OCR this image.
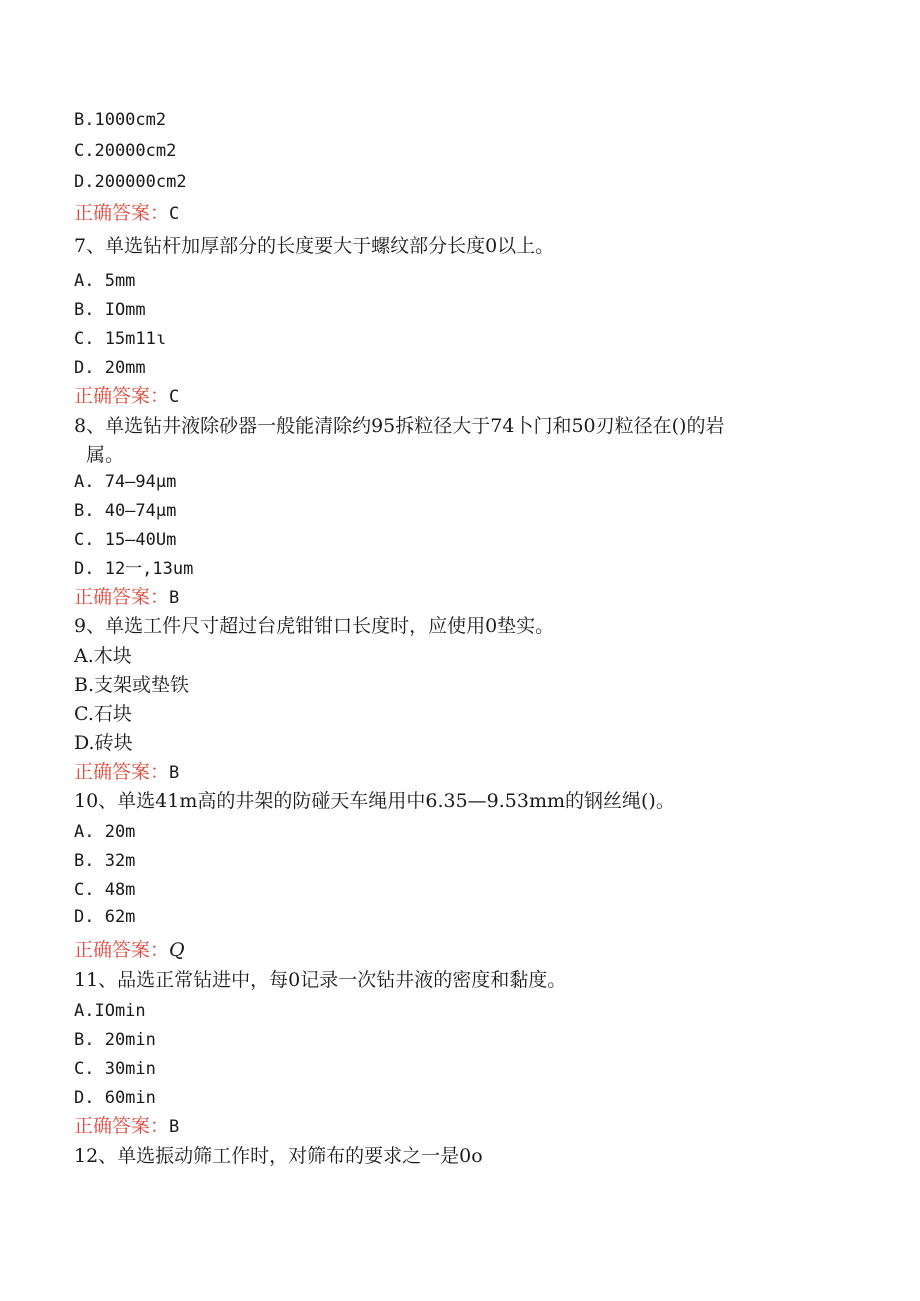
B.1000cm2
C.20000cm2
D.200000cm2
正确答案：C
7、单选钻杆加厚部分的长度要大于螺纹部分长度0以上。
A. 5mm
B. IOmm
C. 15m11ɩ
D. 20mm
正确答案：C
8、单选钻井液除砂器一般能清除约95拆粒径大于74卜门和50刃粒径在()的岩
属。
A. 74—94μm
B. 40—74μm
C. 15—40Um
D. 12一,13um
正确答案：B
9、单选工件尺寸超过台虎钳钳口长度时，应使用0垫实。
A.木块
B.支架或垫铁
C.石块
D.砖块
正确答案：B
10、单选41m高的井架的防碰天车绳用中6.35—9.53mm的钢丝绳()。
A. 20m
B. 32m
C. 48m
D. 62m
正确答案：Q
11、品选正常钻进中，每0记录一次钻井液的密度和黏度。
A.IOmin
B. 20min
C. 30min
D. 60min
正确答案：B
12、单选振动筛工作时，对筛布的要求之一是0o
